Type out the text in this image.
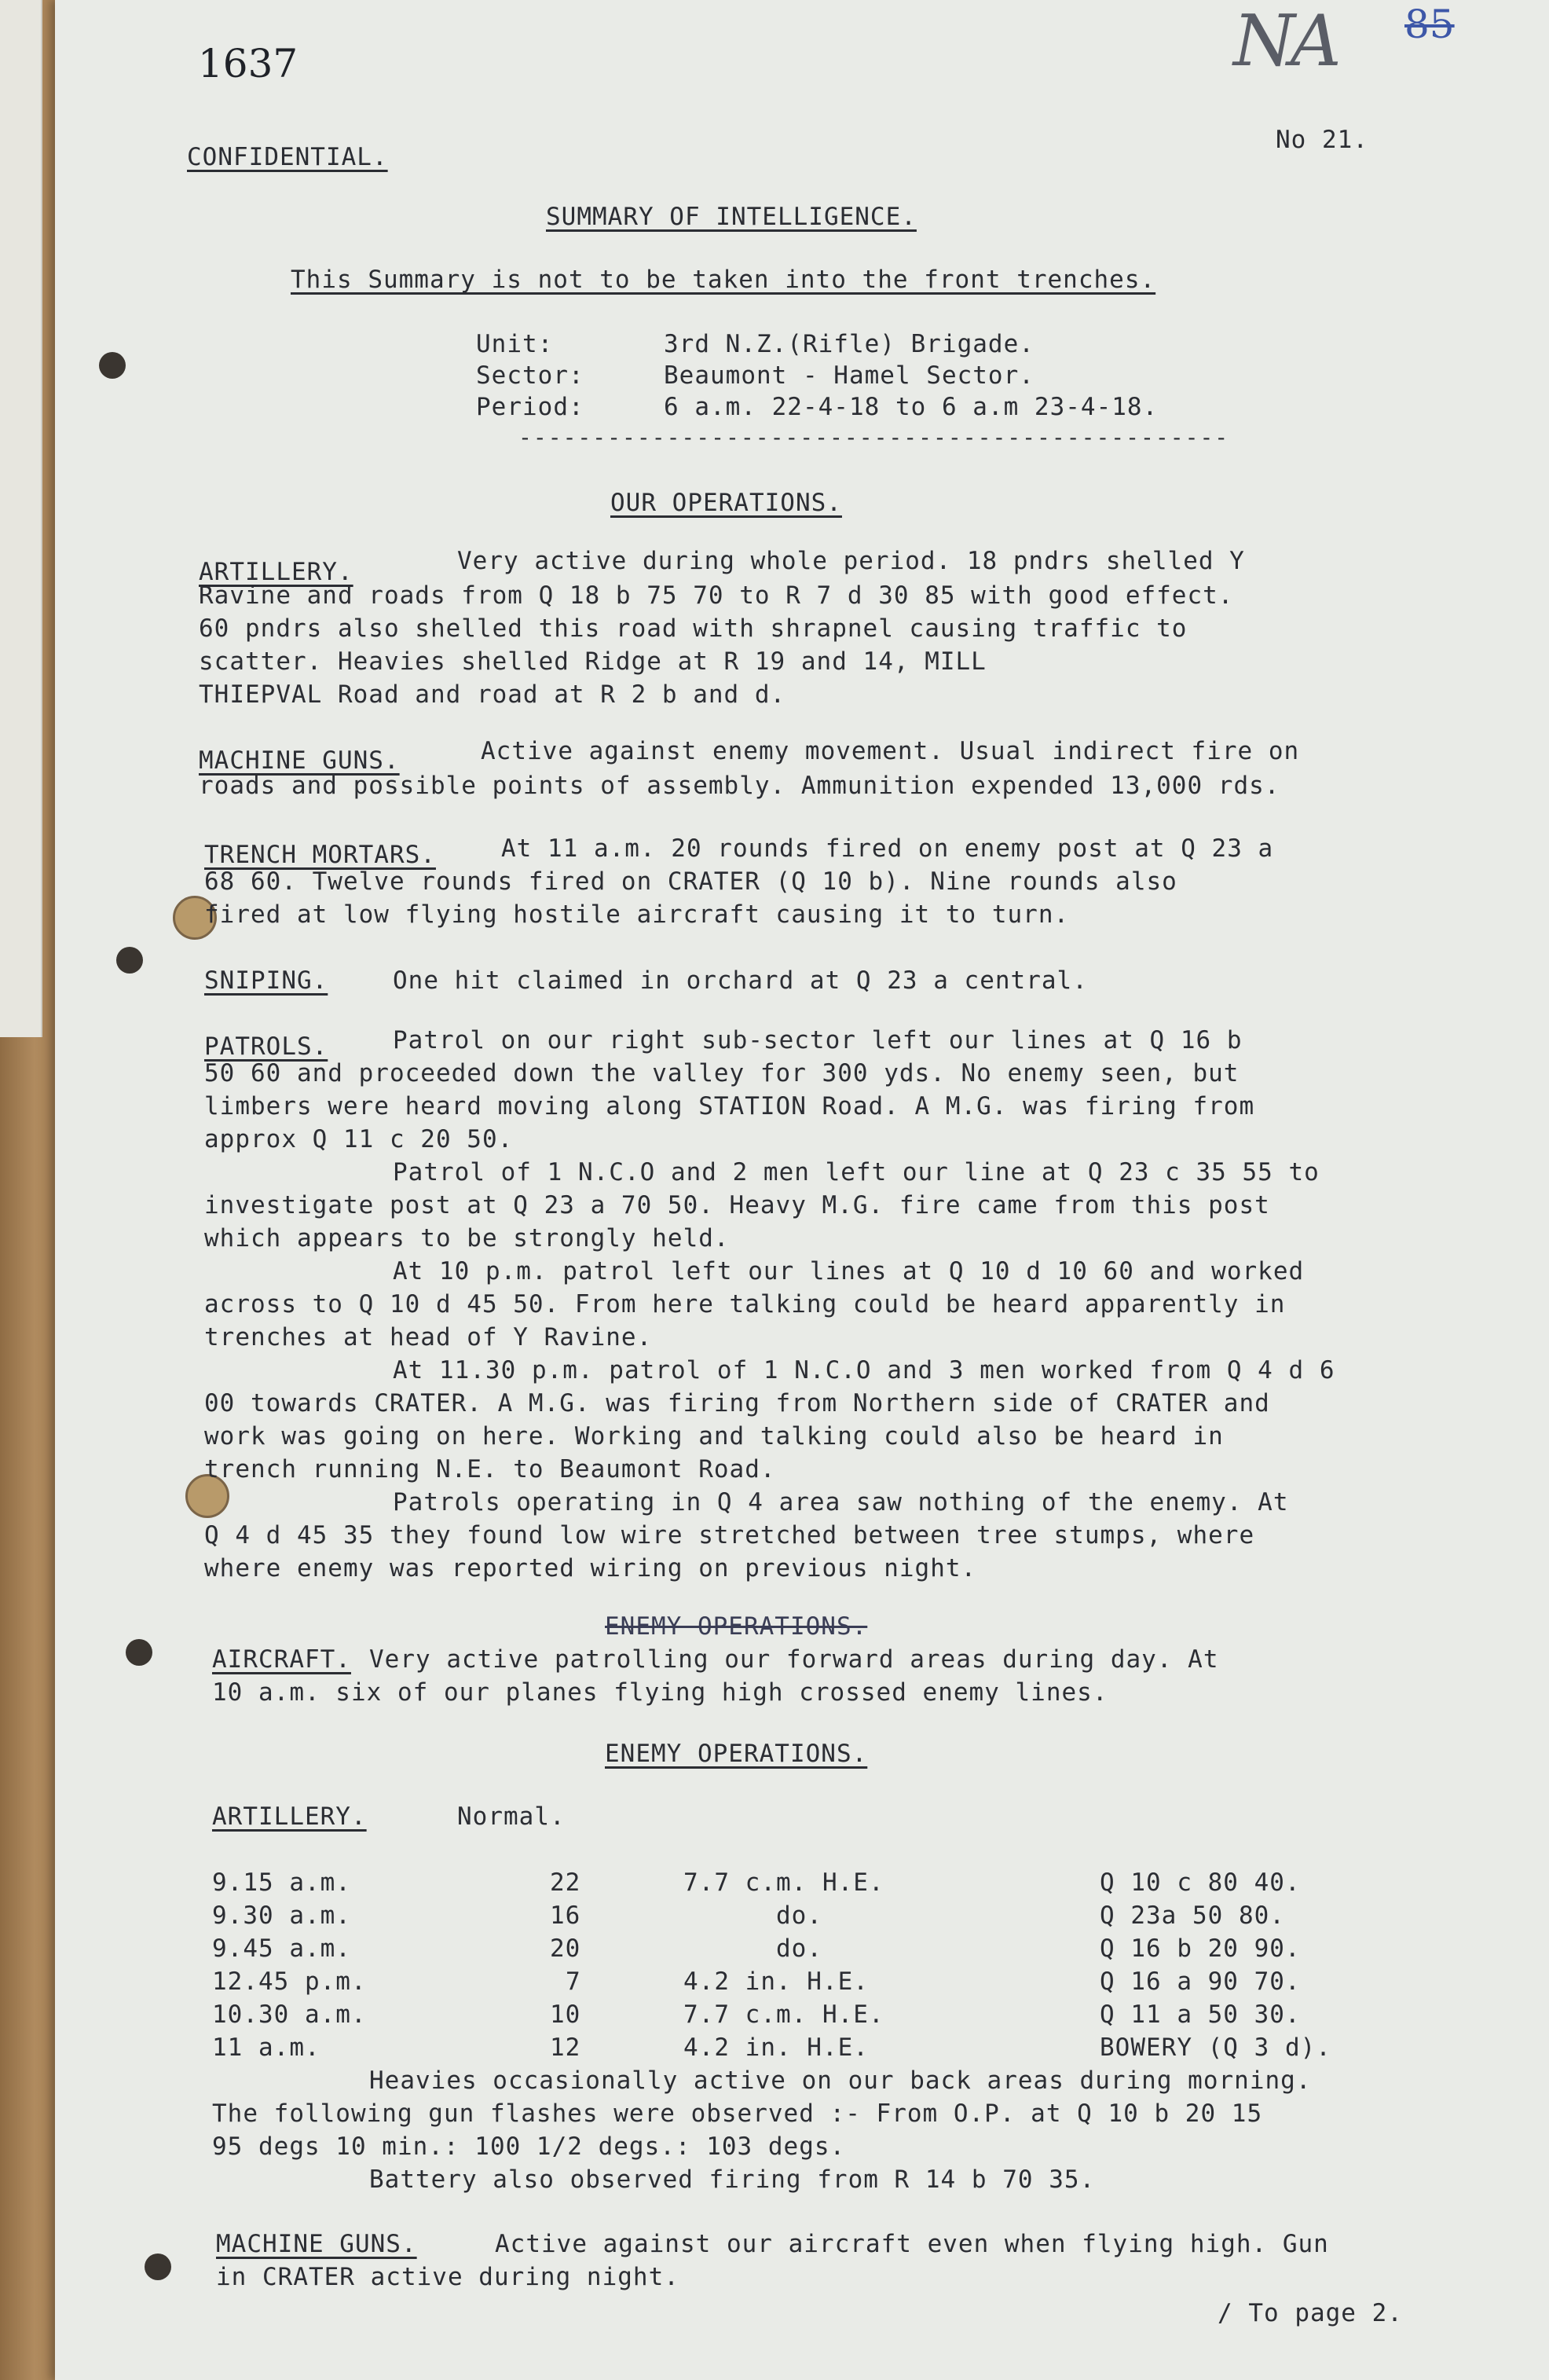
1637	NA 85
CONFIDENTIAL.
No 21.
SUMMARY OF INTELLIGENCE.
This Summary is not to be taken into the front trenches.
Unit:	3rd N.Z.(Rifle) Brigade.
Sector:	Beaumont - Hamel Sector.
Period:	6 a.m. 22-4-18 to 6 a.m 23-4-18.
------------------------------------------------
OUR OPERATIONS.
ARTILLERY.	Very active during whole period. 18 pndrs shelled Y
Ravine and roads from Q 18 b 75 70 to R 7 d 30 85 with good effect.
60 pndrs also shelled this road with shrapnel causing traffic to
scatter. Heavies shelled Ridge at R 19 and 14, MILL
THIEPVAL Road and road at R 2 b and d.
MACHINE GUNS.	Active against enemy movement. Usual indirect fire on
roads and possible points of assembly. Ammunition expended 13,000 rds.
TRENCH MORTARS.	At 11 a.m. 20 rounds fired on enemy post at Q 23 a
68 60. Twelve rounds fired on CRATER (Q 10 b). Nine rounds also
fired at low flying hostile aircraft causing it to turn.
SNIPING.	One hit claimed in orchard at Q 23 a central.
PATROLS.	Patrol on our right sub-sector left our lines at Q 16 b
50 60 and proceeded down the valley for 300 yds. No enemy seen, but
limbers were heard moving along STATION Road. A M.G. was firing from
approx Q 11 c 20 50.
Patrol of 1 N.C.O and 2 men left our line at Q 23 c 35 55 to
investigate post at Q 23 a 70 50. Heavy M.G. fire came from this post
which appears to be strongly held.
At 10 p.m. patrol left our lines at Q 10 d 10 60 and worked
across to Q 10 d 45 50. From here talking could be heard apparently in
trenches at head of Y Ravine.
At 11.30 p.m. patrol of 1 N.C.O and 3 men worked from Q 4 d 6
00 towards CRATER. A M.G. was firing from Northern side of CRATER and
work was going on here. Working and talking could also be heard in
trench running N.E. to Beaumont Road.
Patrols operating in Q 4 area saw nothing of the enemy. At
Q 4 d 45 35 they found low wire stretched between tree stumps, where
where enemy was reported wiring on previous night.
ENEMY OPERATIONS.
AIRCRAFT. Very active patrolling our forward areas during day. At
10 a.m. six of our planes flying high crossed enemy lines.
ENEMY OPERATIONS.
ARTILLERY.	Normal.
9.15 a.m.	22	7.7 c.m. H.E.	Q 10 c 80 40.
9.30 a.m.	16	do.	Q 23a 50 80.
9.45 a.m.	20	do.	Q 16 b 20 90.
12.45 p.m.	7	4.2 in. H.E.	Q 16 a 90 70.
10.30 a.m.	10	7.7 c.m. H.E.	Q 11 a 50 30.
11 a.m.	12	4.2 in. H.E.	BOWERY (Q 3 d).
Heavies occasionally active on our back areas during morning.
The following gun flashes were observed :- From O.P. at Q 10 b 20 15
95 degs 10 min.: 100 1/2 degs.: 103 degs.
Battery also observed firing from R 14 b 70 35.
MACHINE GUNS.	Active against our aircraft even when flying high. Gun
in CRATER active during night.
/ To page 2.
